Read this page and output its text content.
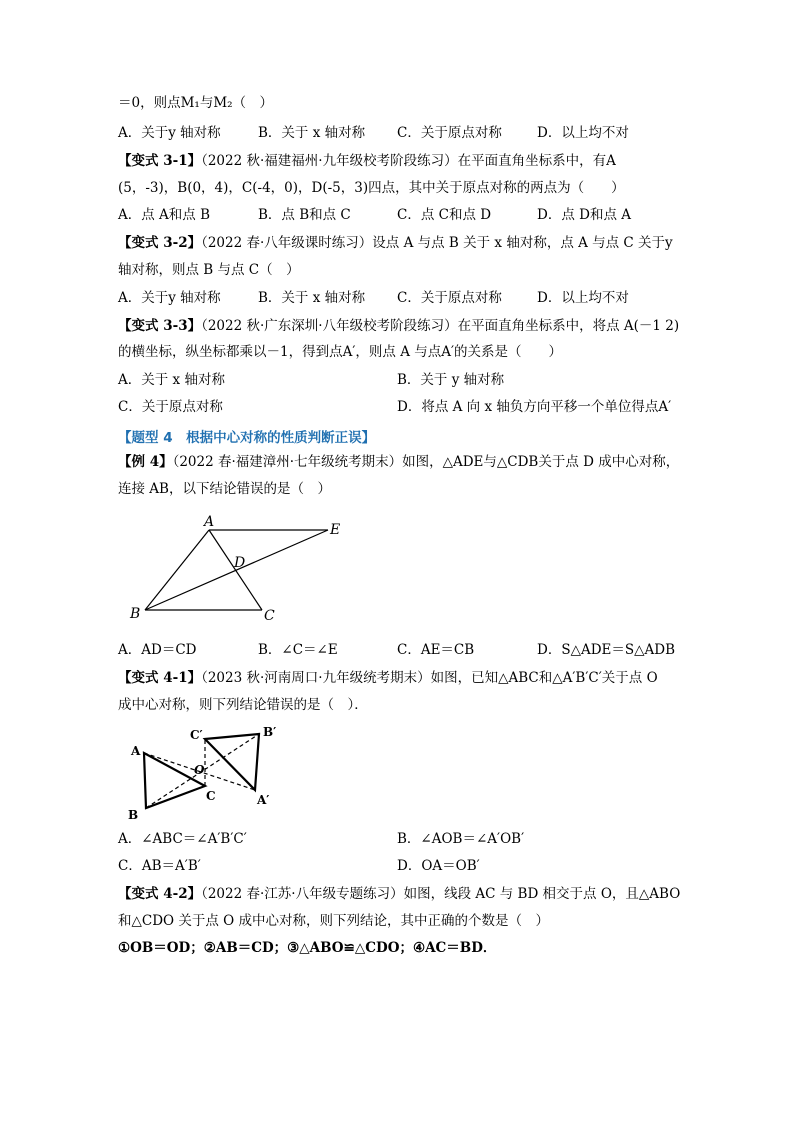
＝0，则点M₁与M₂（　）
A．关于y 轴对称	B．关于 x 轴对称 C．关于原点对称	D．以上均不对
【变式 3-1】（2022 秋·福建福州·九年级校考阶段练习）在平面直角坐标系中，有A
(5，-3)，B(0，4)，C(-4，0)，D(-5，3)四点，其中关于原点对称的两点为（　　）
A．点 A和点 B	B．点 B和点 C	C．点 C和点 D	D．点 D和点 A
【变式 3-2】（2022 春·八年级课时练习）设点 A 与点 B 关于 x 轴对称，点 A 与点 C 关于y
轴对称，则点 B 与点 C（　）
A．关于y 轴对称	B．关于 x 轴对称 C．关于原点对称	D．以上均不对
【变式 3-3】（2022 秋·广东深圳·八年级校考阶段练习）在平面直角坐标系中，将点 A(－1 2)
的横坐标，纵坐标都乘以－1，得到点A′，则点 A 与点A′的关系是（　　）
A．关于 x 轴对称	B．关于 y 轴对称
C．关于原点对称	D．将点 A 向 x 轴负方向平移一个单位得点A′
【题型 4　根据中心对称的性质判断正误】
【例 4】（2022 春·福建漳州·七年级统考期末）如图，△ADE与△CDB关于点 D 成中心对称，
连接 AB，以下结论错误的是（　）
A
B	C
D
E
A．AD＝CD	B．∠C＝∠E	C．AE＝CB	D．S△ADE＝S△ADB
【变式 4-1】（2023 秋·河南周口·九年级统考期末）如图，已知△ABC和△A′B′C′关于点 O
成中心对称，则下列结论错误的是（　）．
A
B
C
O
A′
B′
C′
A．∠ABC＝∠A′B′C′	B．∠AOB＝∠A′OB′
C．AB＝A′B′	D．OA＝OB′
【变式 4-2】（2022 春·江苏·八年级专题练习）如图，线段 AC 与 BD 相交于点 O，且△ABO
和△CDO 关于点 O 成中心对称，则下列结论，其中正确的个数是（　）
①OB＝OD；②AB＝CD；③△ABO≌△CDO；④AC＝BD．
